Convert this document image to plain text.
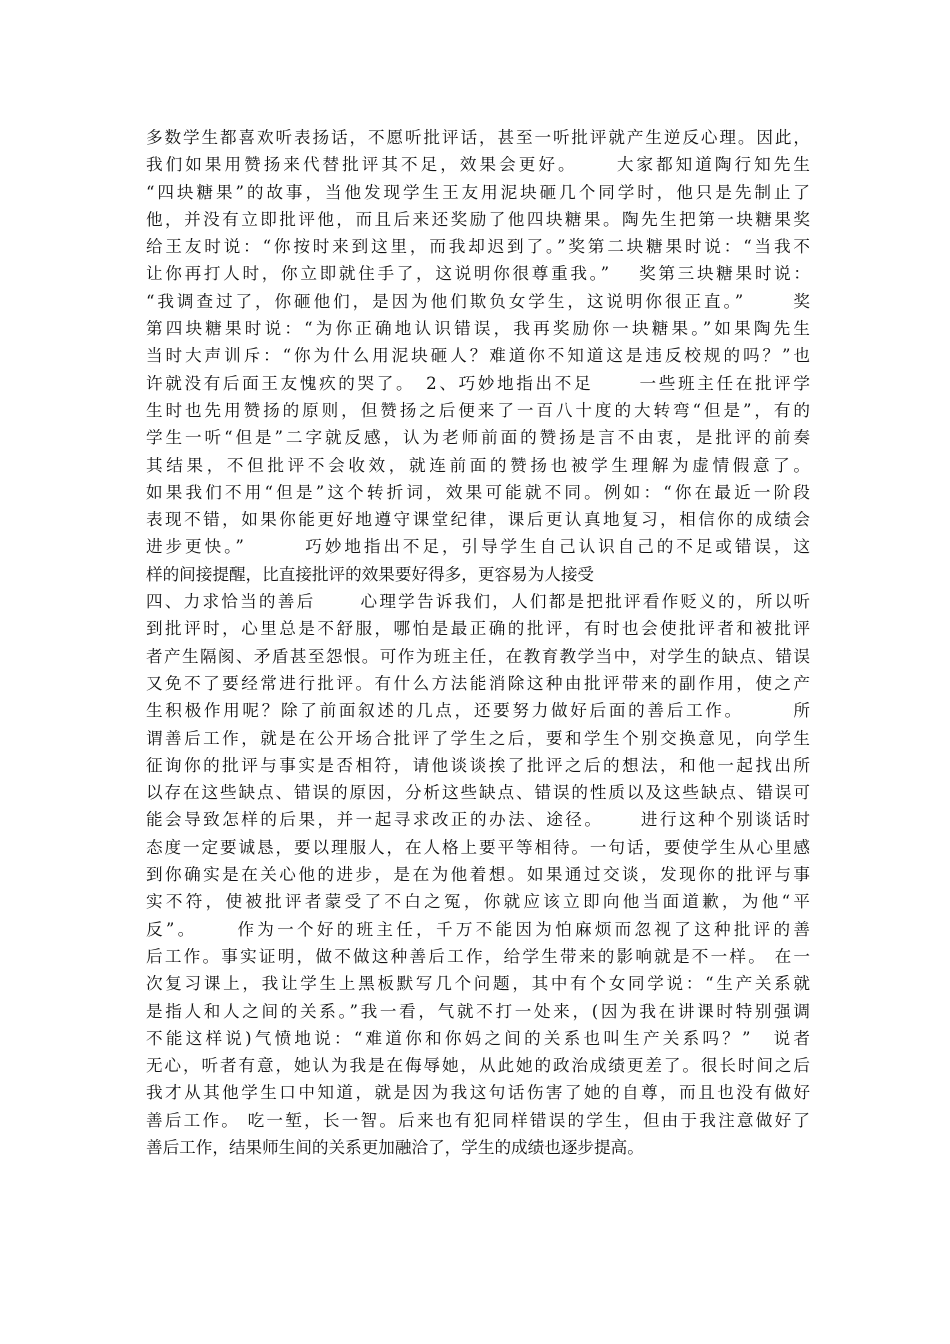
多数学生都喜欢听表扬话，不愿听批评话，甚至一听批评就产生逆反心理。因此，
我们如果用赞扬来代替批评其不足，效果会更好。　　 大家都知道陶行知先生
“四块糖果”的故事，当他发现学生王友用泥块砸几个同学时，他只是先制止了
他，并没有立即批评他，而且后来还奖励了他四块糖果。陶先生把第一块糖果奖
给王友时说：“你按时来到这里，而我却迟到了。”奖第二块糖果时说：“当我不
让你再打人时，你立即就住手了，这说明你很尊重我。”　 奖第三块糖果时说：
“我调查过了，你砸他们，是因为他们欺负女学生，这说明你很正直。”　　 奖
第四块糖果时说：“为你正确地认识错误，我再奖励你一块糖果。”如果陶先生
当时大声训斥：“你为什么用泥块砸人？难道你不知道这是违反校规的吗？”也
许就没有后面王友愧疚的哭了。　2、巧妙地指出不足　　 一些班主任在批评学
生时也先用赞扬的原则，但赞扬之后便来了一百八十度的大转弯“但是”，有的
学生一听“但是”二字就反感，认为老师前面的赞扬是言不由衷，是批评的前奏
其结果，不但批评不会收效，就连前面的赞扬也被学生理解为虚情假意了。
如果我们不用“但是”这个转折词，效果可能就不同。例如：“你在最近一阶段
表现不错，如果你能更好地遵守课堂纪律，课后更认真地复习，相信你的成绩会
进步更快。”　　　巧妙地指出不足，引导学生自己认识自己的不足或错误，这
样的间接提醒，比直接批评的效果要好得多，更容易为人接受
四、力求恰当的善后　　 心理学告诉我们，人们都是把批评看作贬义的，所以听
到批评时，心里总是不舒服，哪怕是最正确的批评，有时也会使批评者和被批评
者产生隔阂、矛盾甚至怨恨。可作为班主任，在教育教学当中，对学生的缺点、错误
又免不了要经常进行批评。有什么方法能消除这种由批评带来的副作用，使之产
生积极作用呢？除了前面叙述的几点，还要努力做好后面的善后工作。　　　所
谓善后工作，就是在公开场合批评了学生之后，要和学生个别交换意见，向学生
征询你的批评与事实是否相符，请他谈谈挨了批评之后的想法，和他一起找出所
以存在这些缺点、错误的原因，分析这些缺点、错误的性质以及这些缺点、错误可
能会导致怎样的后果，并一起寻求改正的办法、途径。　　 进行这种个别谈话时
态度一定要诚恳，要以理服人，在人格上要平等相待。一句话，要使学生从心里感
到你确实是在关心他的进步，是在为他着想。如果通过交谈，发现你的批评与事
实不符，使被批评者蒙受了不白之冤，你就应该立即向他当面道歉，为他“平
反”。　　 作为一个好的班主任，千万不能因为怕麻烦而忽视了这种批评的善
后工作。事实证明，做不做这种善后工作，给学生带来的影响就是不一样。 在一
次复习课上，我让学生上黑板默写几个问题，其中有个女同学说：“生产关系就
是指人和人之间的关系。”我一看，气就不打一处来，(因为我在讲课时特别强调
不能这样说)气愤地说：“难道你和你妈之间的关系也叫生产关系吗？”　说者
无心，听者有意，她认为我是在侮辱她，从此她的政治成绩更差了。很长时间之后
我才从其他学生口中知道，就是因为我这句话伤害了她的自尊，而且也没有做好
善后工作。 吃一堑，长一智。后来也有犯同样错误的学生，但由于我注意做好了
善后工作，结果师生间的关系更加融洽了，学生的成绩也逐步提高。
